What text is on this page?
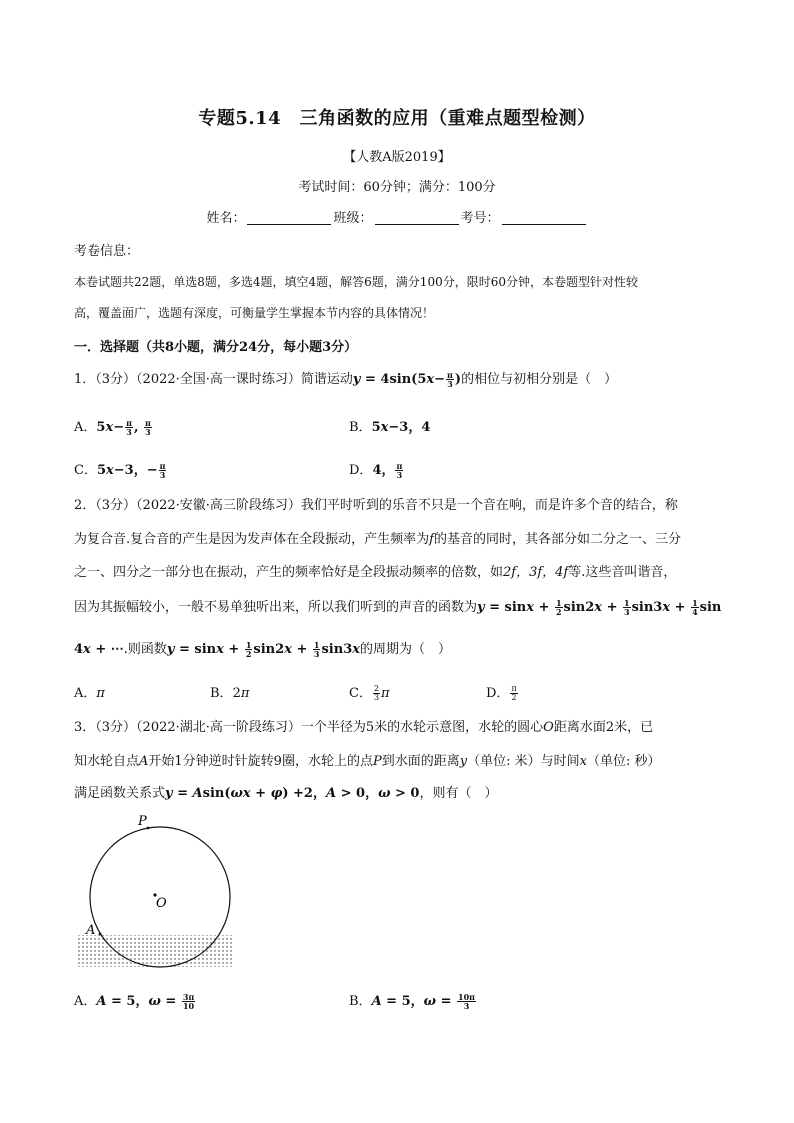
专题5.14　三角函数的应用（重难点题型检测）
【人教A版2019】
考试时间：60分钟；满分：100分
姓名：	班级：	考号：
考卷信息：
本卷试题共22题，单选8题，多选4题，填空4题，解答6题，满分100分，限时60分钟，本卷题型针对性较
高，覆盖面广，选题有深度，可衡量学生掌握本节内容的具体情况！
一．选择题（共8小题，满分24分，每小题3分）
1．（3分）（2022·全国·高一课时练习）简谐运动$y = 4\sin(5x- \frac{\pi}{3}$ )的相位与初相分别是（　）
A．$5x- \frac{\pi}{3}$ , $\frac{\pi}{3}$	B．5x−3，4
C．5x−3，− $\frac{\pi}{3}$	D．4， $\frac{\pi}{3}$
2．（3分）（2022·安徽·高三阶段练习）我们平时听到的乐音不只是一个音在响，而是许多个音的结合，称
为复合音.复合音的产生是因为发声体在全段振动，产生频率为f的基音的同时，其各部分如二分之一、三分
之一、四分之一部分也在振动，产生的频率恰好是全段振动频率的倍数，如2f，3f，4f等.这些音叫谐音，
因为其振幅较小，一般不易单独听出来，所以我们听到的声音的函数为$y = \sin x + \frac{1}{2} \sin 2x + \frac{1}{3} \sin 3x + \frac{1}{4}$ sin
4x + ⋯.则函数$y = \sin x + \frac{1}{2} \sin 2x + \frac{1}{3} \sin 3x$的周期为（　）
A．π	B．2π	C． $\frac{2}{3}$ π	D． $\frac{\pi}{2}$
3．（3分）（2022·湖北·高一阶段练习）一个半径为5米的水轮示意图，水轮的圆心O距离水面2米，已
知水轮自点A开始1分钟逆时针旋转9圈，水轮上的点P到水面的距离y（单位: 米）与时间x（单位: 秒）
满足函数关系式y = Asin(ωx + φ) +2，A > 0，ω > 0，则有（　）
P
O
A
A．A = 5，$\omega = \frac{3\pi}{10}$	B．A = 5，$\omega = \frac{10\pi}{3}$
